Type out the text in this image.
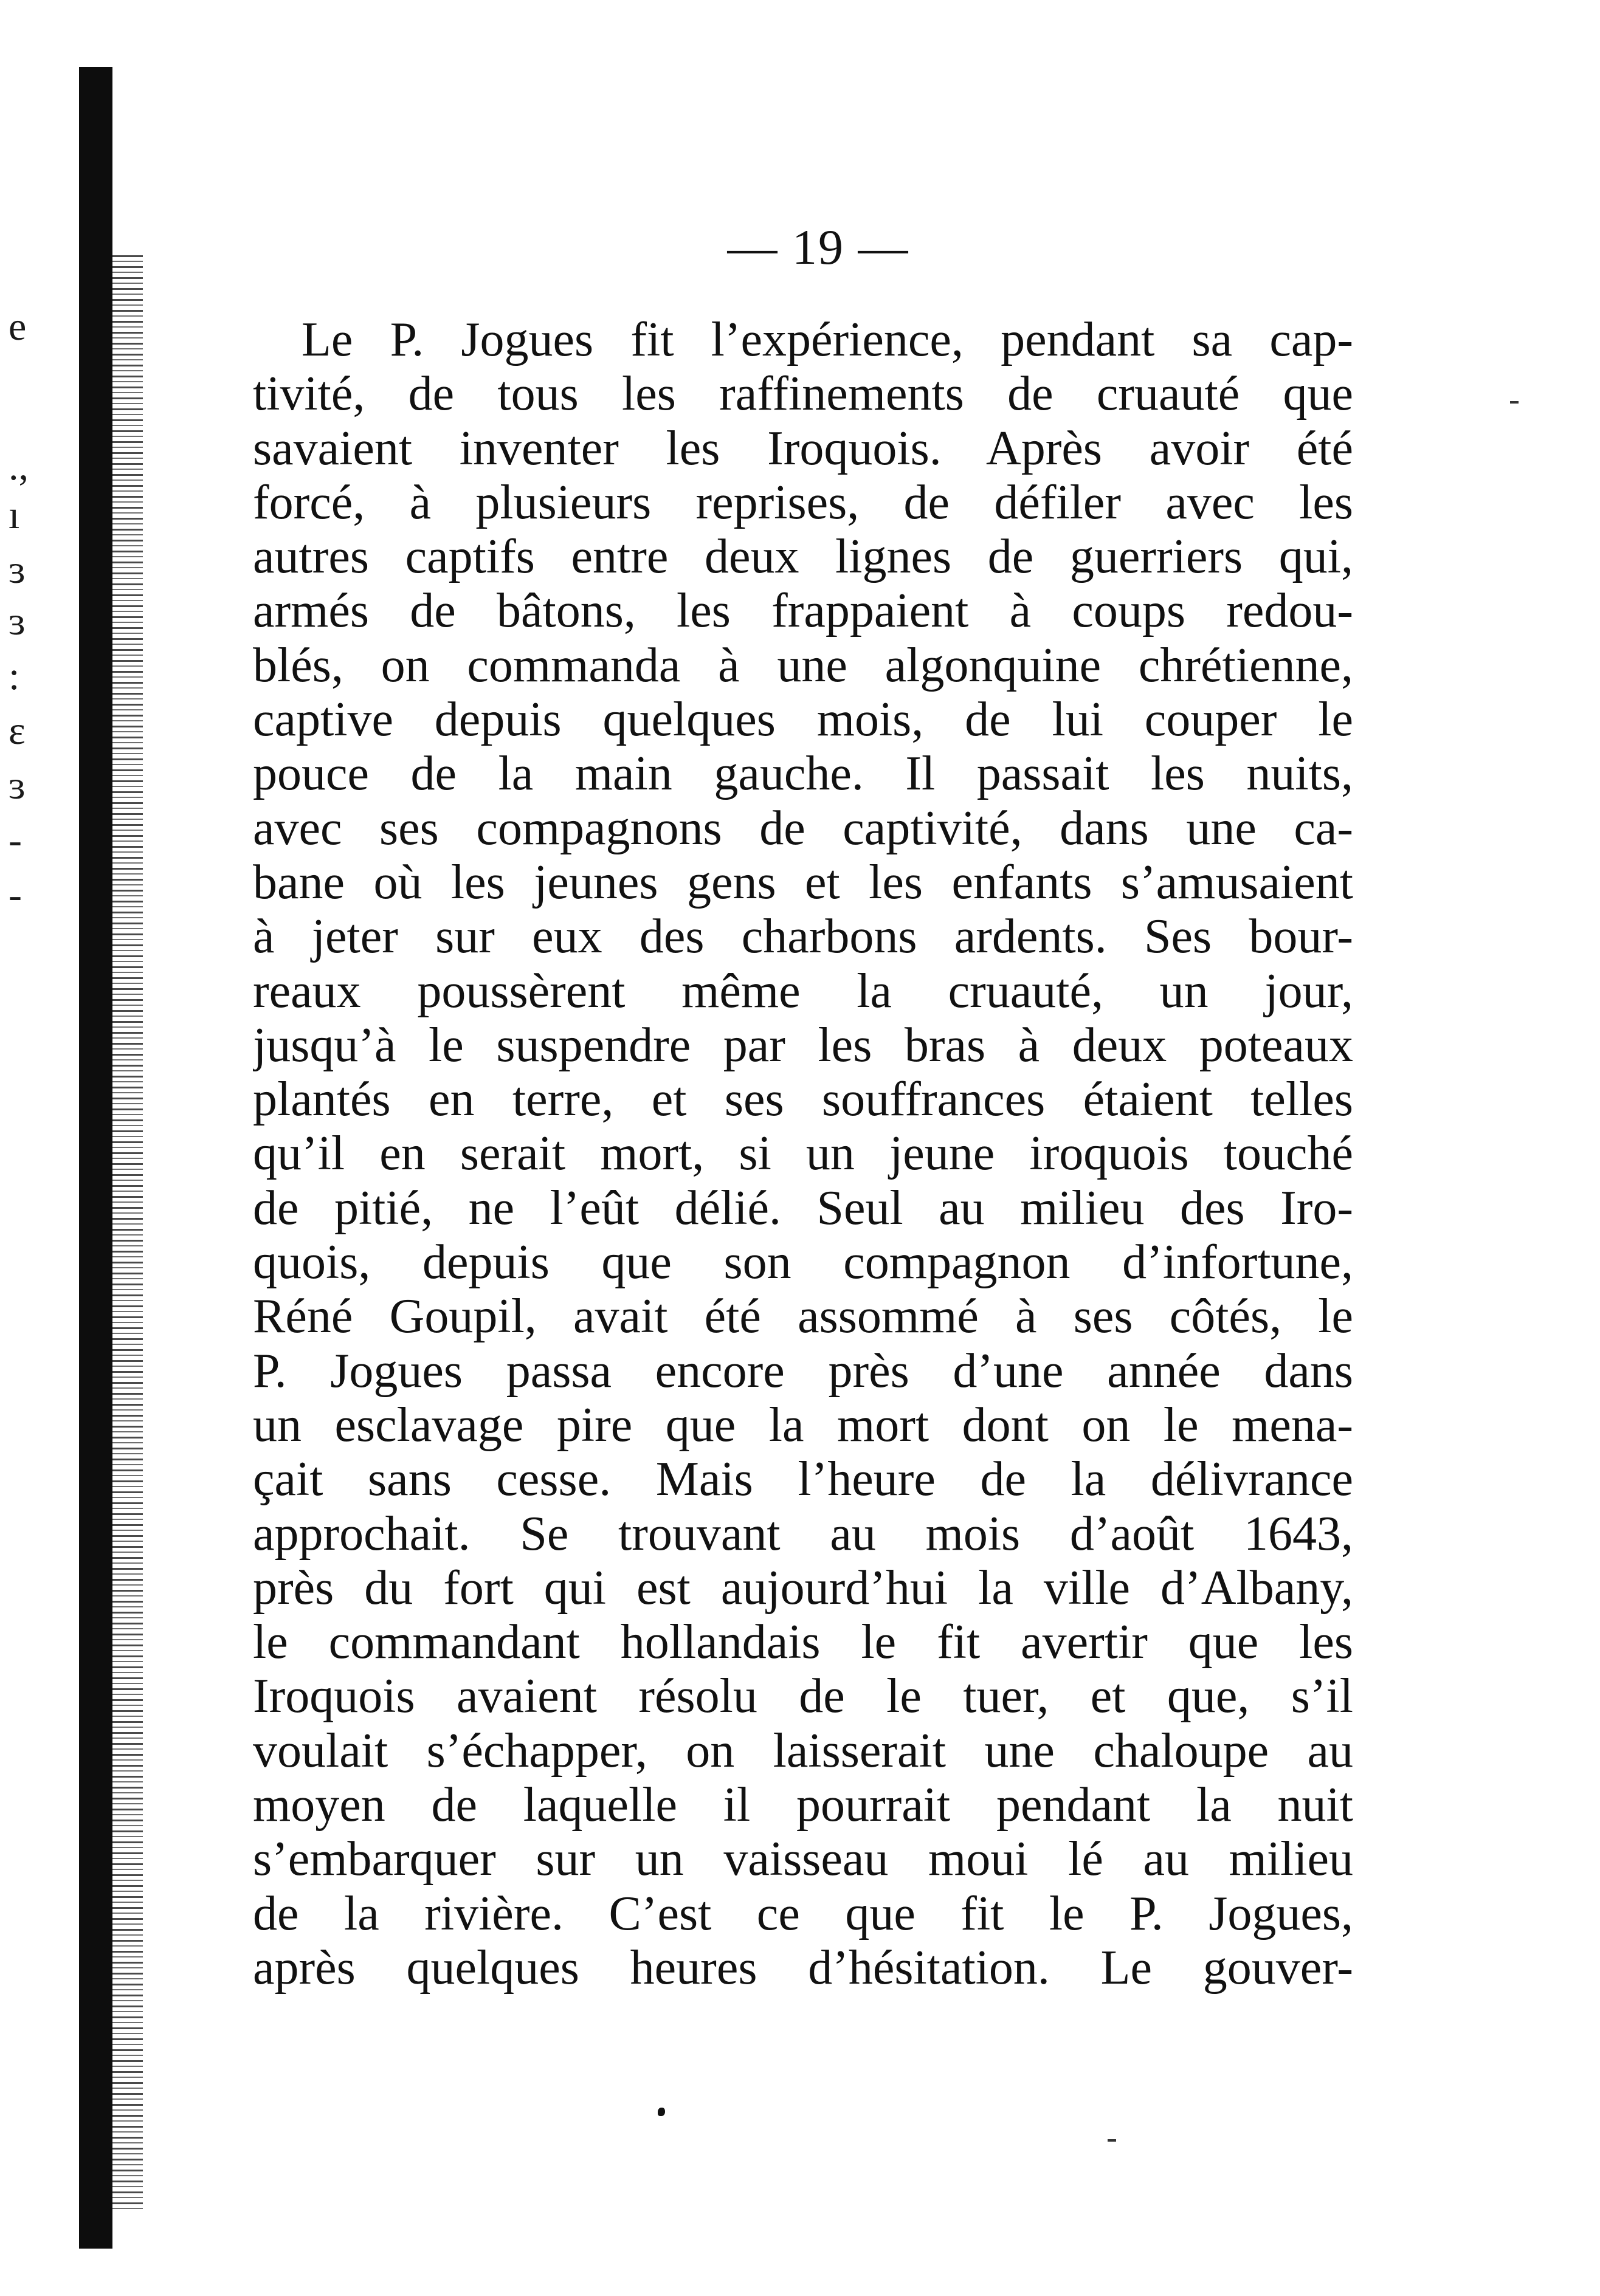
e
.,
ı
ɜ
ɜ
:
ɛ
ɜ
-
-
— 19 —
Le P. Jogues fit l’expérience, pendant sa cap-
tivité, de tous les raffinements de cruauté que
savaient inventer les Iroquois. Après avoir été
forcé, à plusieurs reprises, de défiler avec les
autres captifs entre deux lignes de guerriers qui,
armés de bâtons, les frappaient à coups redou-
blés, on commanda à une algonquine chrétienne,
captive depuis quelques mois, de lui couper le
pouce de la main gauche. Il passait les nuits,
avec ses compagnons de captivité, dans une ca-
bane où les jeunes gens et les enfants s’amusaient
à jeter sur eux des charbons ardents. Ses bour-
reaux poussèrent même la cruauté, un jour,
jusqu’à le suspendre par les bras à deux poteaux
plantés en terre, et ses souffrances étaient telles
qu’il en serait mort, si un jeune iroquois touché
de pitié, ne l’eût délié. Seul au milieu des Iro-
quois, depuis que son compagnon d’infortune,
Réné Goupil, avait été assommé à ses côtés, le
P. Jogues passa encore près d’une année dans
un esclavage pire que la mort dont on le mena-
çait sans cesse. Mais l’heure de la délivrance
approchait. Se trouvant au mois d’août 1643,
près du fort qui est aujourd’hui la ville d’Albany,
le commandant hollandais le fit avertir que les
Iroquois avaient résolu de le tuer, et que, s’il
voulait s’échapper, on laisserait une chaloupe au
moyen de laquelle il pourrait pendant la nuit
s’embarquer sur un vaisseau moui lé au milieu
de la rivière. C’est ce que fit le P. Jogues,
après quelques heures d’hésitation. Le gouver-
